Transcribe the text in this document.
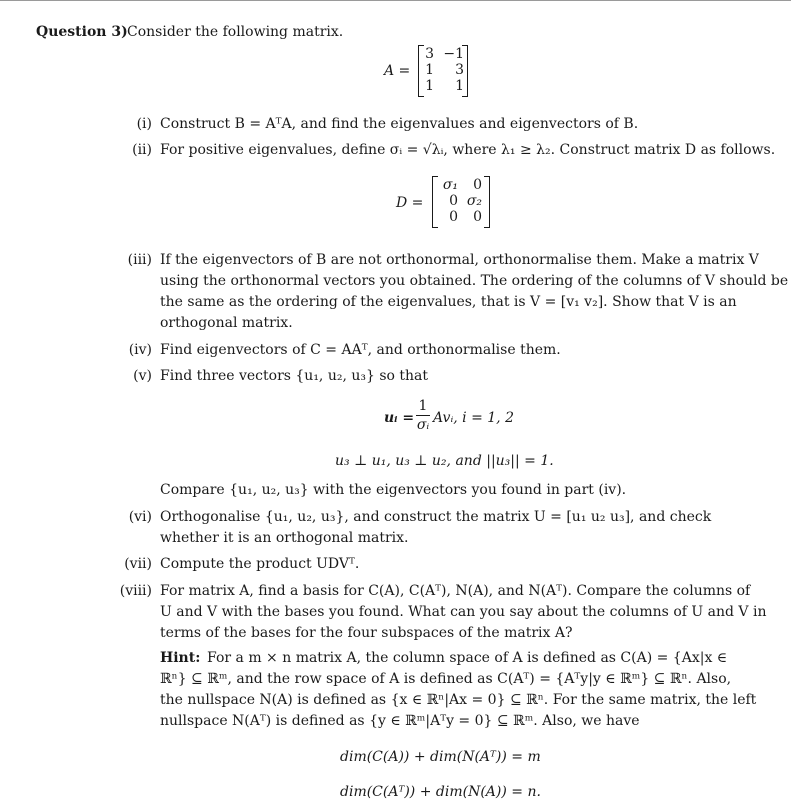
Question 3) Consider the following matrix.
A =
3 −1
1	3
1	1
(i) Construct B = AᵀA, and find the eigenvalues and eigenvectors of B.
(ii) For positive eigenvalues, define σᵢ = √λᵢ, where λ₁ ≥ λ₂. Construct matrix D as follows.
D =
σ₁	0
0 σ₂
0	0
(iii) If the eigenvectors of B are not orthonormal, orthonormalise them. Make a matrix V
using the orthonormal vectors you obtained. The ordering of the columns of V should be
the same as the ordering of the eigenvalues, that is V = [v₁ v₂]. Show that V is an
orthogonal matrix.
(iv) Find eigenvectors of C = AAᵀ, and orthonormalise them.
(v) Find three vectors {u₁, u₂, u₃} so that
uᵢ =
1
σᵢ Avᵢ, i = 1, 2
u₃ ⊥ u₁, u₃ ⊥ u₂, and ||u₃|| = 1.
Compare {u₁, u₂, u₃} with the eigenvectors you found in part (iv).
(vi) Orthogonalise {u₁, u₂, u₃}, and construct the matrix U = [u₁ u₂ u₃], and check
whether it is an orthogonal matrix.
(vii) Compute the product UDVᵀ.
(viii) For matrix A, find a basis for C(A), C(Aᵀ), N(A), and N(Aᵀ). Compare the columns of
U and V with the bases you found. What can you say about the columns of U and V in
terms of the bases for the four subspaces of the matrix A?
Hint: For a m × n matrix A, the column space of A is defined as C(A) = {Ax|x ∈
ℝⁿ} ⊆ ℝᵐ, and the row space of A is defined as C(Aᵀ) = {Aᵀy|y ∈ ℝᵐ} ⊆ ℝⁿ. Also,
the nullspace N(A) is defined as {x ∈ ℝⁿ|Ax = 0} ⊆ ℝⁿ. For the same matrix, the left
nullspace N(Aᵀ) is defined as {y ∈ ℝᵐ|Aᵀy = 0} ⊆ ℝᵐ. Also, we have
dim(C(A)) + dim(N(Aᵀ)) = m
dim(C(Aᵀ)) + dim(N(A)) = n.
